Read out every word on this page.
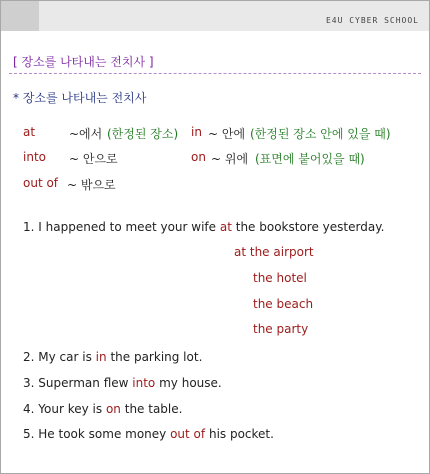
E4U CYBER SCHOOL
[ 장소를 나타내는 전치사 ]
* 장소를 나타내는 전치사
at	~에서 (한정된 장소) in ~ 안에 (한정된 장소 안에 있을 때)
into ~ 안으로	on ~ 위에 (표면에 붙어있을 때)
out of ~ 밖으로
1. I happened to meet your wife at the bookstore yesterday.
at the airport
the hotel
the beach
the party
2. My car is in the parking lot.
3. Superman flew into my house.
4. Your key is on the table.
5. He took some money out of his pocket.
